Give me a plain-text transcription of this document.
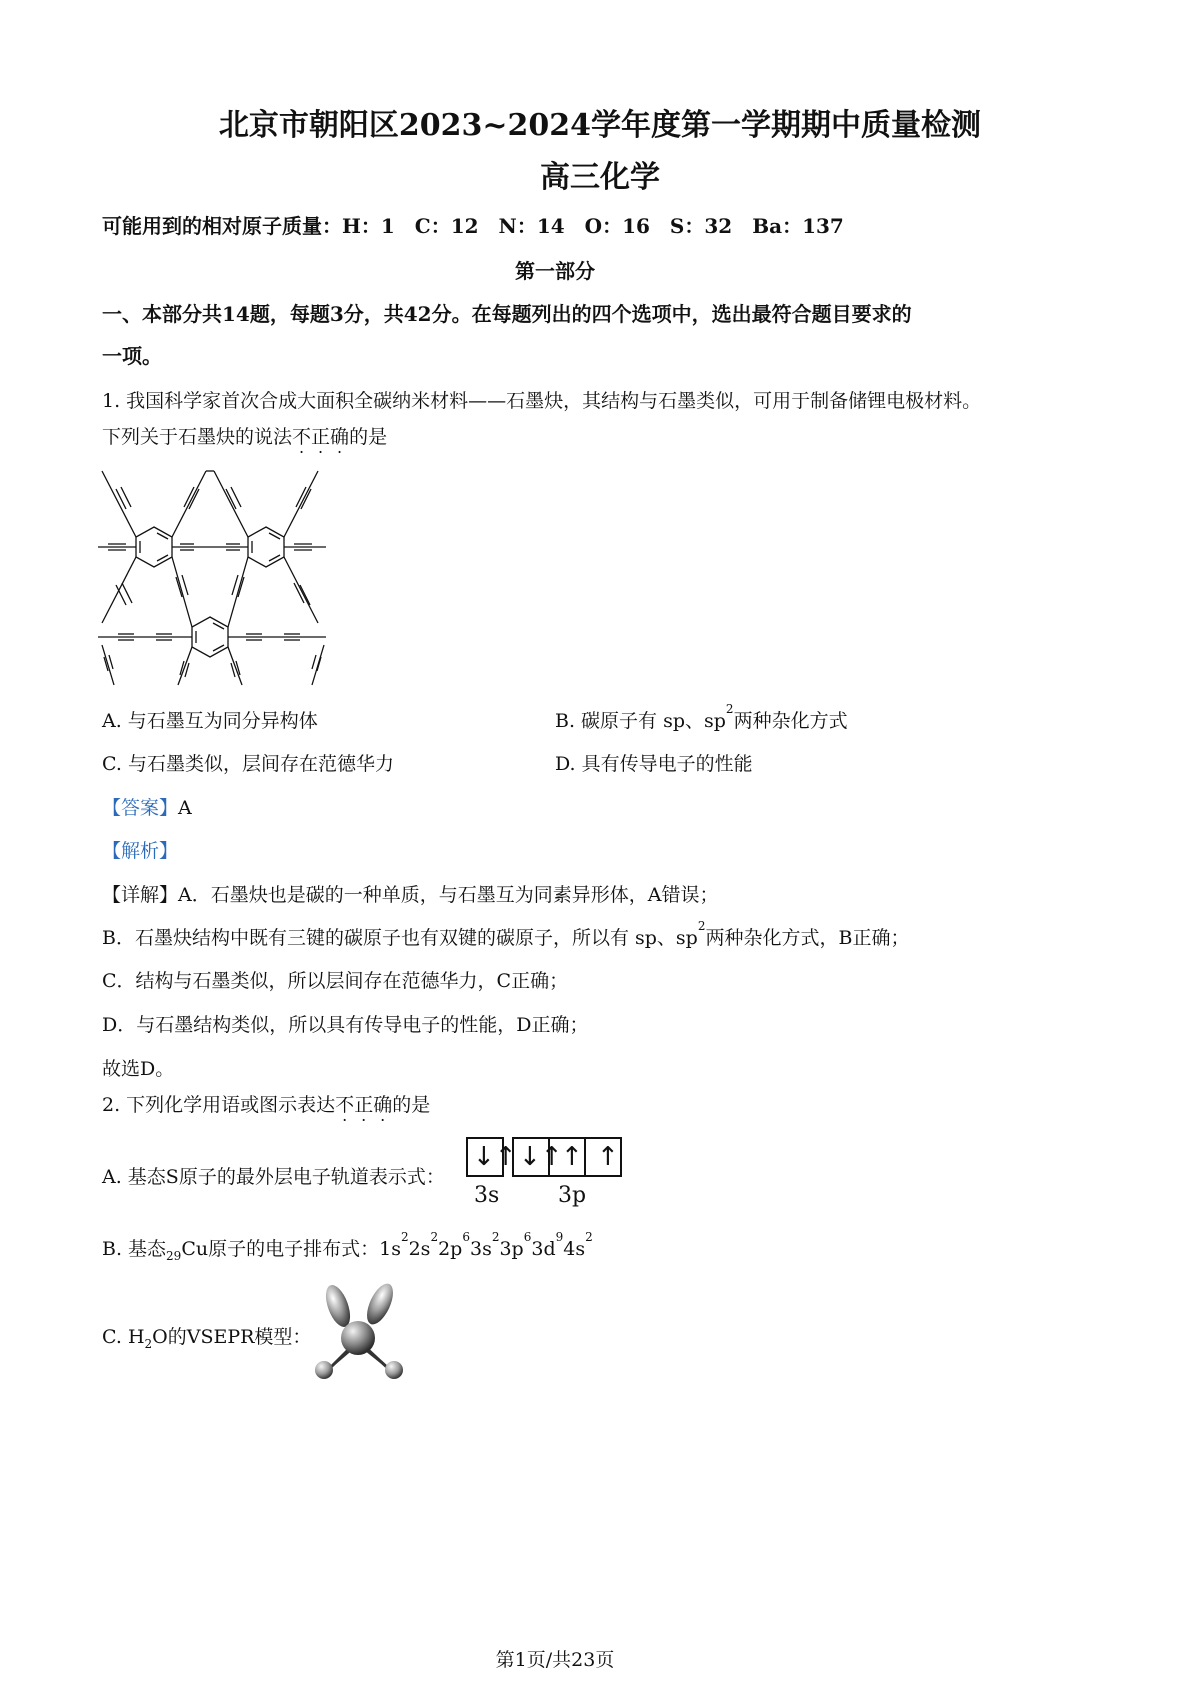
北京市朝阳区2023~2024学年度第一学期期中质量检测
高三化学
可能用到的相对原子质量：H：1　C：12　N：14　O：16　S：32　Ba：137
第一部分
一、本部分共14题，每题3分，共42分。在每题列出的四个选项中，选出最符合题目要求的
一项。
1. 我国科学家首次合成大面积全碳纳米材料——石墨炔，其结构与石墨类似，可用于制备储锂电极材料。
下列关于石墨炔的说法不正确的是
A. 与石墨互为同分异构体	B. 碳原子有 sp、$sp^2$两种杂化方式
C. 与石墨类似，层间存在范德华力	D. 具有传导电子的性能
【答案】A
【解析】
【详解】A．石墨炔也是碳的一种单质，与石墨互为同素异形体，A错误；
B．石墨炔结构中既有三键的碳原子也有双键的碳原子，所以有 sp、$sp^2$两种杂化方式，B正确；
C．结构与石墨类似，所以层间存在范德华力，C正确；
D．与石墨结构类似，所以具有传导电子的性能，D正确；
故选D。
2. 下列化学用语或图示表达不正确的是
A. 基态S原子的最外层电子轨道表示式：
↓↑ ↓↑
↑ ↑
3s	3p
B. 基态$_{29}$Cu原子的电子排布式：$1s^22s^22p^63s^23p^63d^94s^2$
C. $H_2O$的VSEPR模型：
第1页/共23页
